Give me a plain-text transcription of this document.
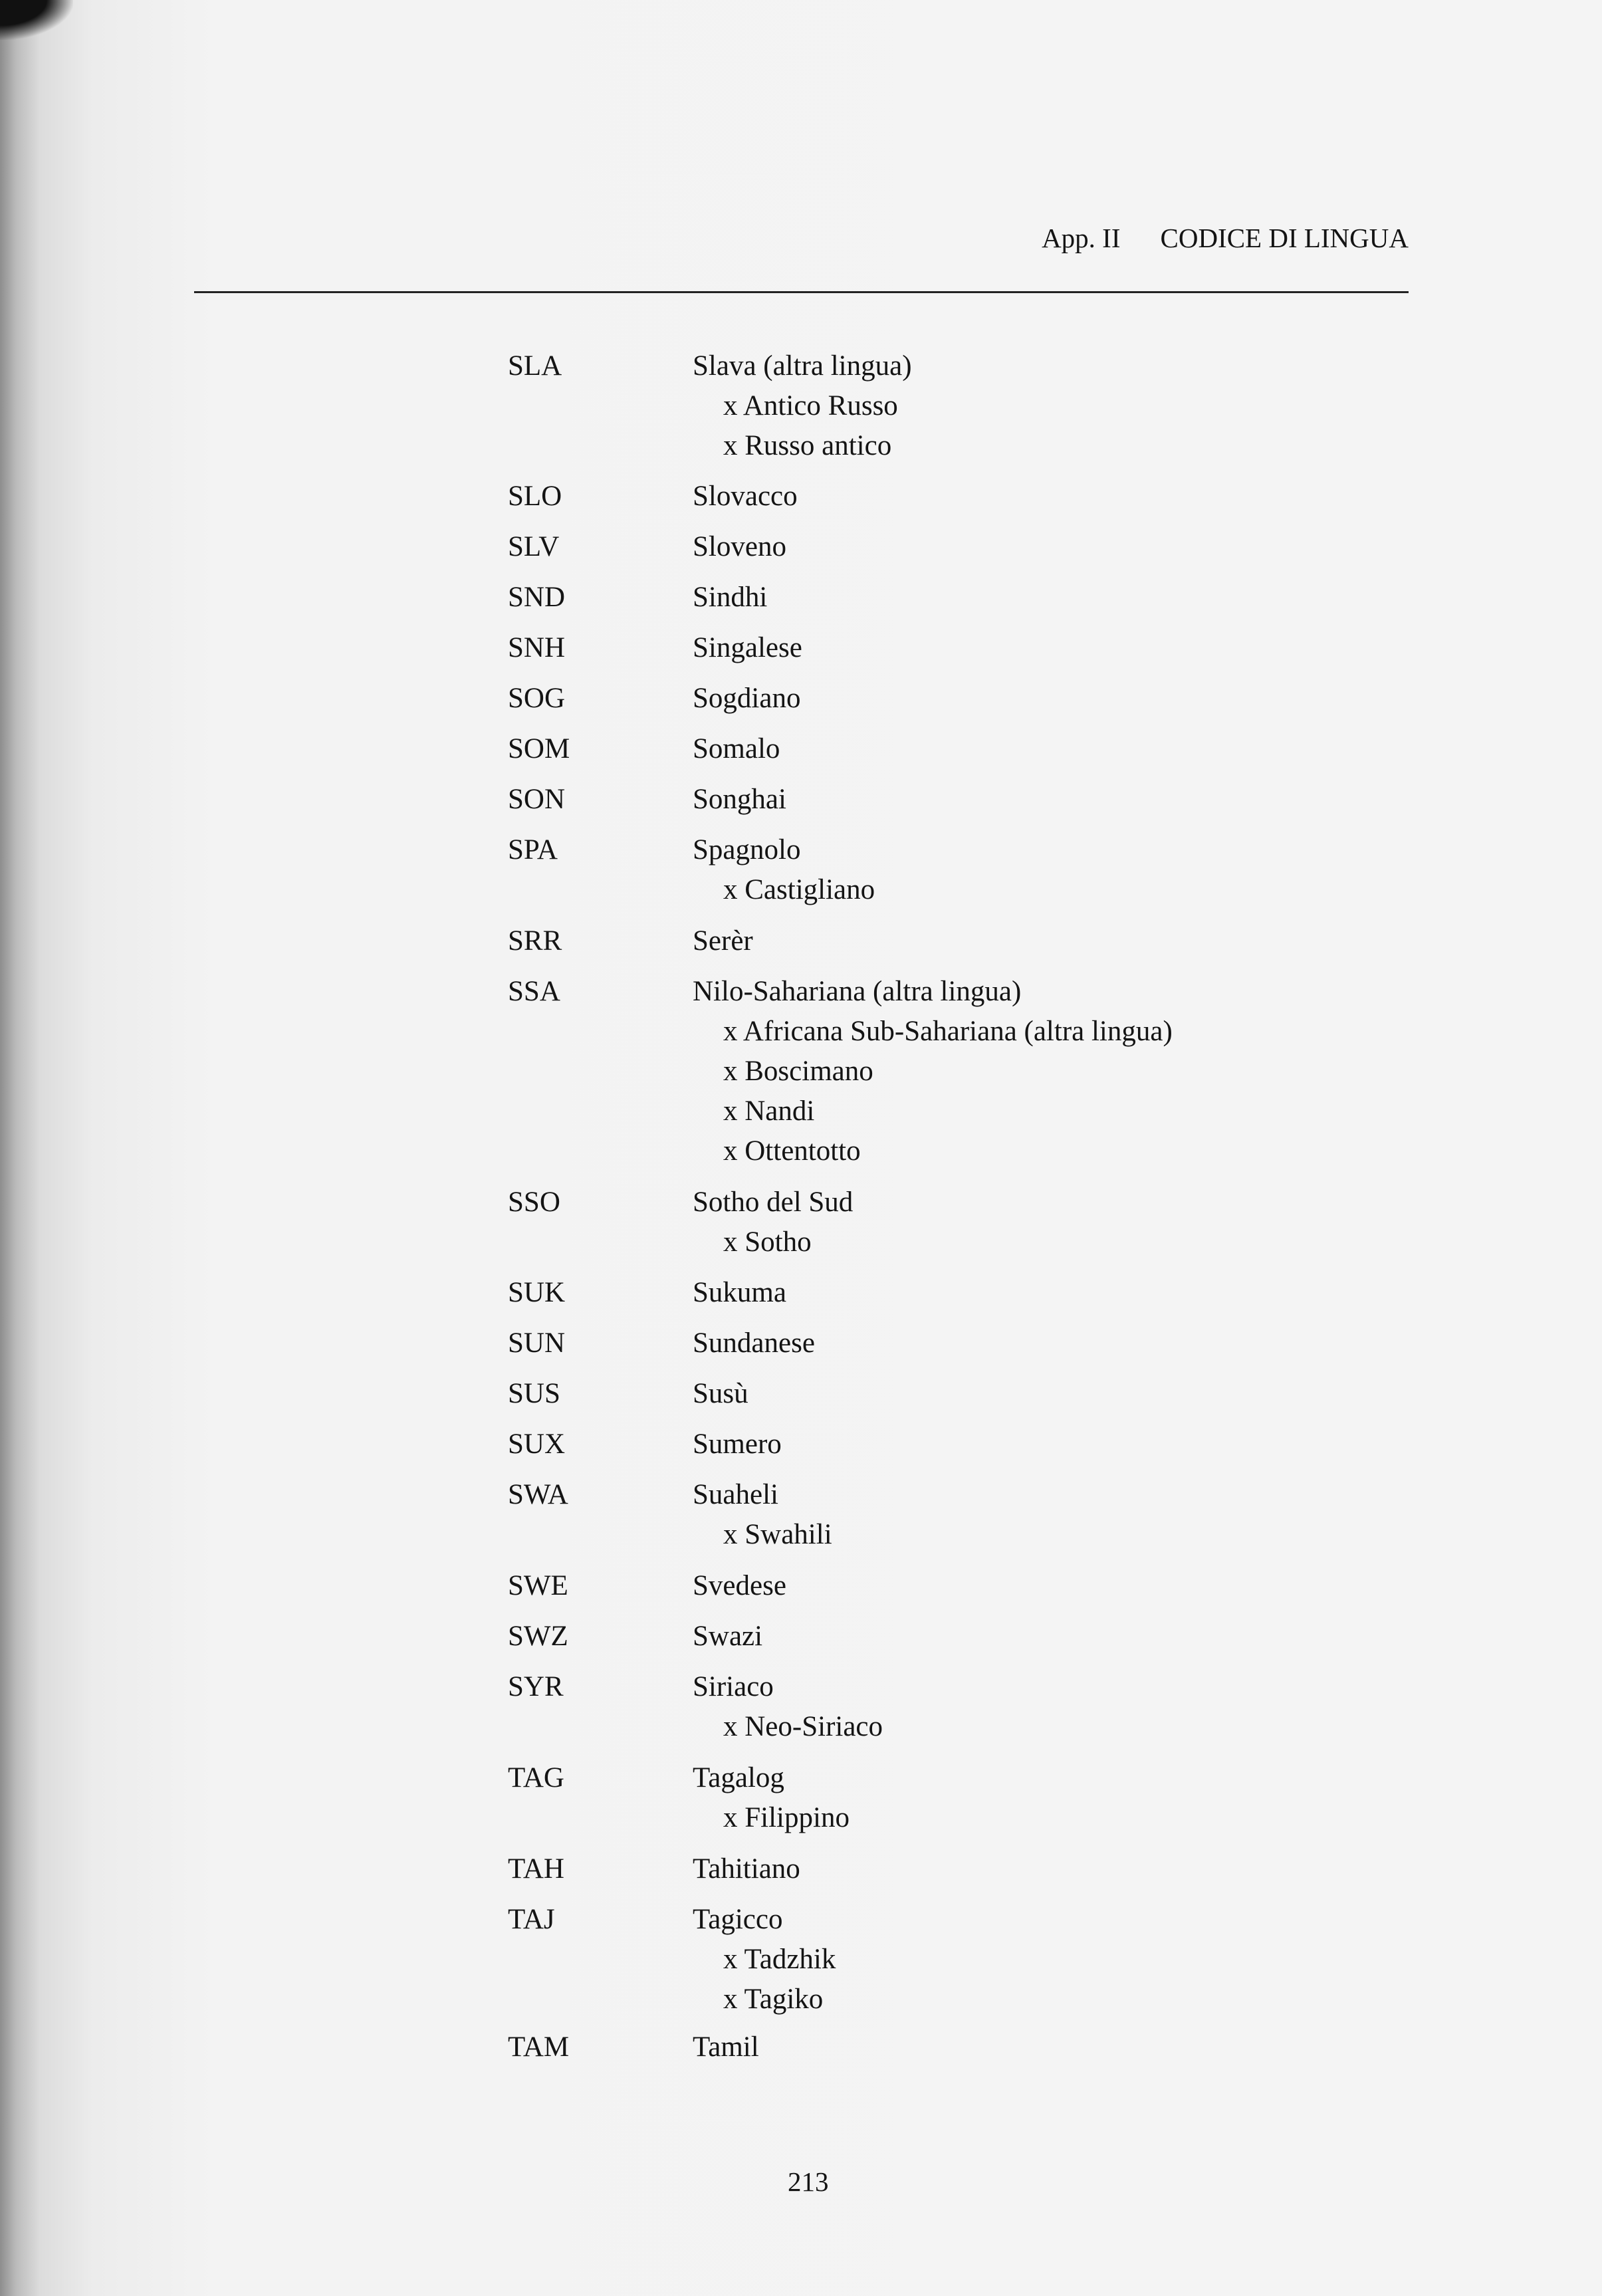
App. II CODICE DI LINGUA
SLA	Slava (altra lingua)
x Antico Russo
x Russo antico
SLO	Slovacco
SLV	Sloveno
SND	Sindhi
SNH	Singalese
SOG	Sogdiano
SOM	Somalo
SON	Songhai
SPA	Spagnolo
x Castigliano
SRR	Serèr
SSA	Nilo-Sahariana (altra lingua)
x Africana Sub-Sahariana (altra lingua)
x Boscimano
x Nandi
x Ottentotto
SSO	Sotho del Sud
x Sotho
SUK	Sukuma
SUN	Sundanese
SUS	Susù
SUX	Sumero
SWA	Suaheli
x Swahili
SWE	Svedese
SWZ	Swazi
SYR	Siriaco
x Neo-Siriaco
TAG	Tagalog
x Filippino
TAH	Tahitiano
TAJ	Tagicco
x Tadzhik
x Tagiko
TAM	Tamil
213
